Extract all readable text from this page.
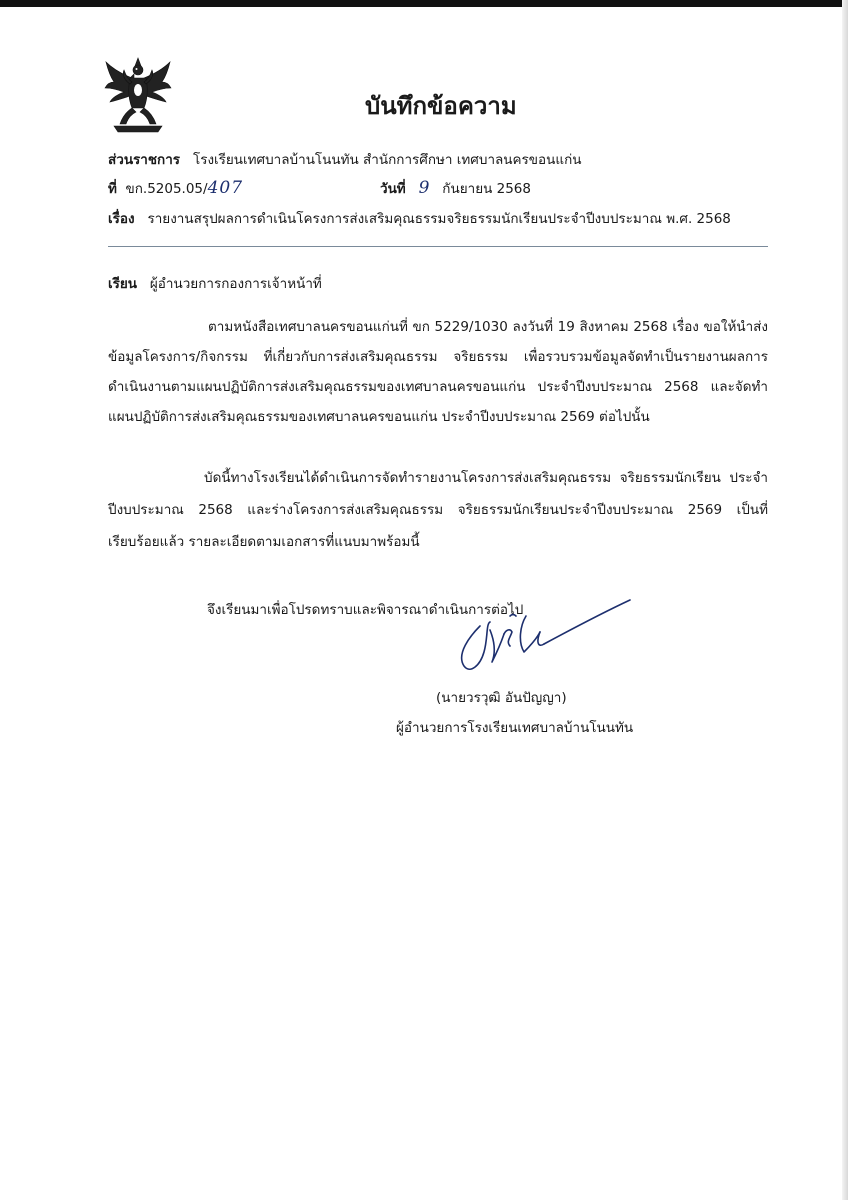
บันทึกข้อความ
ส่วนราชการ โรงเรียนเทศบาลบ้านโนนทัน สำนักการศึกษา เทศบาลนครขอนแก่น
ที่ ขก.5205.05/407	วันที่ 9 กันยายน 2568
เรื่อง รายงานสรุปผลการดำเนินโครงการส่งเสริมคุณธรรมจริยธรรมนักเรียนประจำปีงบประมาณ พ.ศ. 2568
เรียน ผู้อำนวยการกองการเจ้าหน้าที่

ตามหนังสือเทศบาลนครขอนแก่นที่ ขก 5229/1030 ลงวันที่ 19 สิงหาคม 2568 เรื่อง ขอให้นำส่งข้อมูลโครงการ/กิจกรรม ที่เกี่ยวกับการส่งเสริมคุณธรรม จริยธรรม เพื่อรวบรวมข้อมูลจัดทำเป็นรายงานผลการดำเนินงานตามแผนปฏิบัติการส่งเสริมคุณธรรมของเทศบาลนครขอนแก่น ประจำปีงบประมาณ 2568 และจัดทำแผนปฏิบัติการส่งเสริมคุณธรรมของเทศบาลนครขอนแก่น ประจำปีงบประมาณ 2569 ต่อไปนั้น

บัดนี้ทางโรงเรียนได้ดำเนินการจัดทำรายงานโครงการส่งเสริมคุณธรรม จริยธรรมนักเรียน ประจำปีงบประมาณ 2568 และร่างโครงการส่งเสริมคุณธรรม จริยธรรมนักเรียนประจำปีงบประมาณ 2569 เป็นที่เรียบร้อยแล้ว รายละเอียดตามเอกสารที่แนบมาพร้อมนี้

จึงเรียนมาเพื่อโปรดทราบและพิจารณาดำเนินการต่อไป
(นายวรวุฒิ อันปัญญา)
ผู้อำนวยการโรงเรียนเทศบาลบ้านโนนทัน
